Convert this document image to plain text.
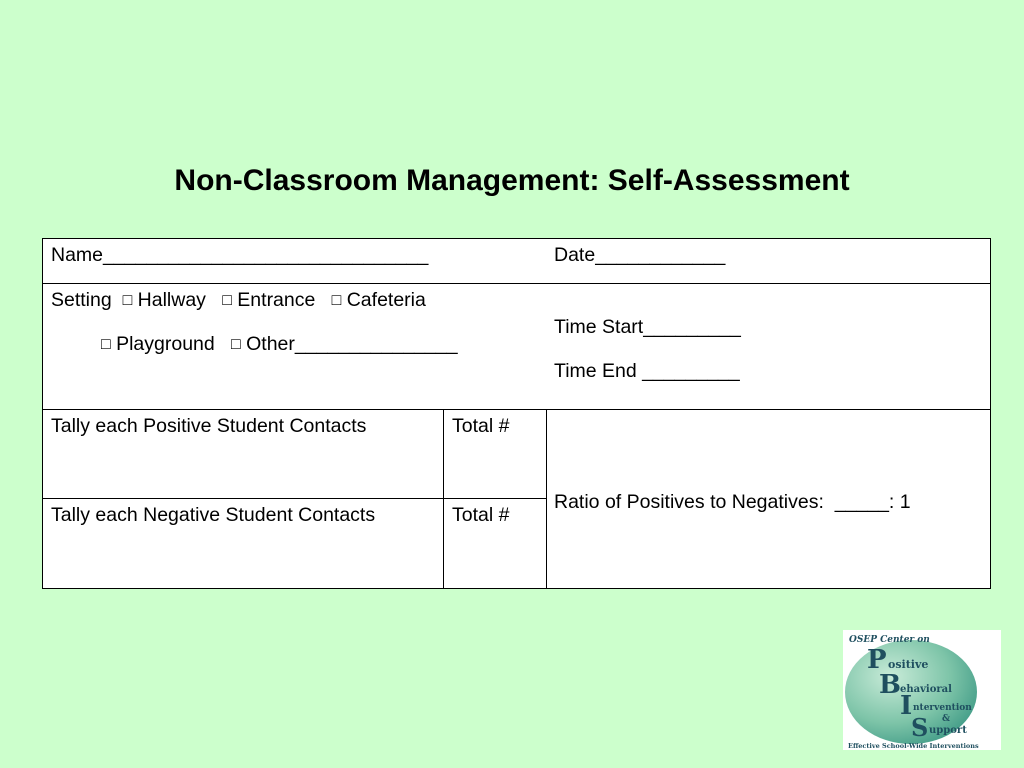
Non-Classroom Management: Self-Assessment
Name______________________________	Date____________
Setting □ Hallway □ Entrance □ Cafeteria
□ Playground □ Other_______________
Time Start_________
Time End _________
Tally each Positive Student Contacts	Total #
Tally each Negative Student Contacts	Total #
Ratio of Positives to Negatives:  _____: 1
OSEP Center on
P ositive
B ehavioral
I ntervention
&
S upport
Effective School-Wide Interventions
